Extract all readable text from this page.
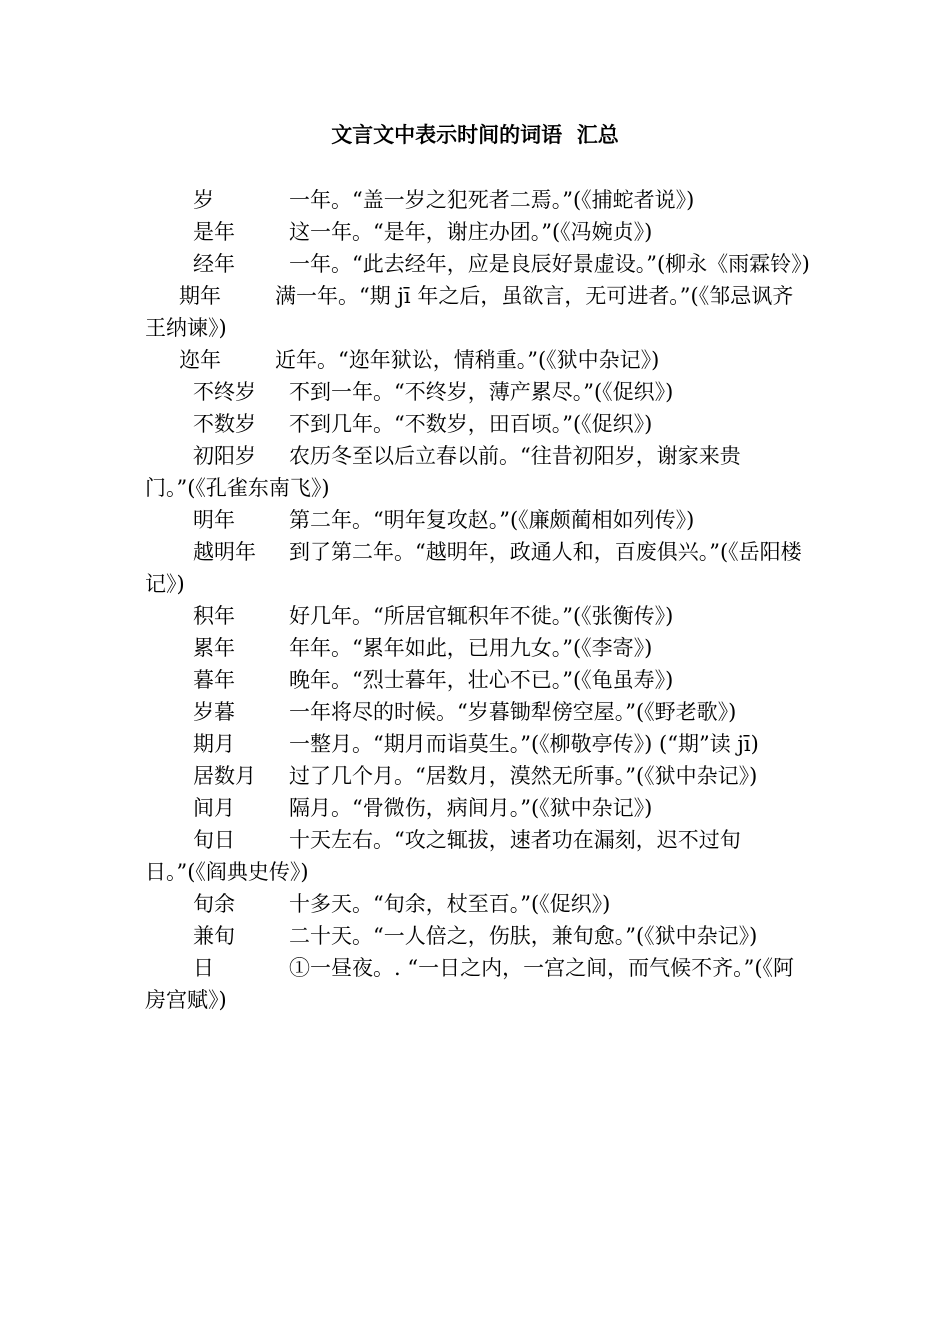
文言文中表示时间的词语  汇总

岁	一年。“盖一岁之犯死者二焉。”(《捕蛇者说》)

是年	这一年。“是年，谢庄办团。”(《冯婉贞》)

经年	一年。“此去经年，应是良辰好景虚设。”(柳永《雨霖铃》)

期年	满一年。“期 jī 年之后，虽欲言，无可进者。”(《邹忌讽齐王纳谏》)

迩年	近年。“迩年狱讼，情稍重。”(《狱中杂记》)

不终岁 不到一年。“不终岁，薄产累尽。”(《促织》)

不数岁 不到几年。“不数岁，田百顷。”(《促织》)

初阳岁 农历冬至以后立春以前。“往昔初阳岁，谢家来贵门。”(《孔雀东南飞》)

明年	第二年。“明年复攻赵。”(《廉颇蔺相如列传》)

越明年 到了第二年。“越明年，政通人和，百废俱兴。”(《岳阳楼记》)

积年	好几年。“所居官辄积年不徙。”(《张衡传》)

累年	年年。“累年如此，已用九女。”(《李寄》)

暮年	晚年。“烈士暮年，壮心不已。”(《龟虽寿》)

岁暮	一年将尽的时候。“岁暮锄犁傍空屋。”(《野老歌》)

期月	一整月。“期月而诣莫生。”(《柳敬亭传》) (“期”读 jī)

居数月 过了几个月。“居数月，漠然无所事。”(《狱中杂记》)

间月	隔月。“骨微伤，病间月。”(《狱中杂记》)

旬日	十天左右。“攻之辄拔，速者功在漏刻，迟不过旬日。”(《阎典史传》)

旬余	十多天。“旬余，杖至百。”(《促织》)

兼旬	二十天。“一人倍之，伤肤，兼旬愈。”(《狱中杂记》)

日	①一昼夜。. “一日之内，一宫之间，而气候不齐。”(《阿房宫赋》)
